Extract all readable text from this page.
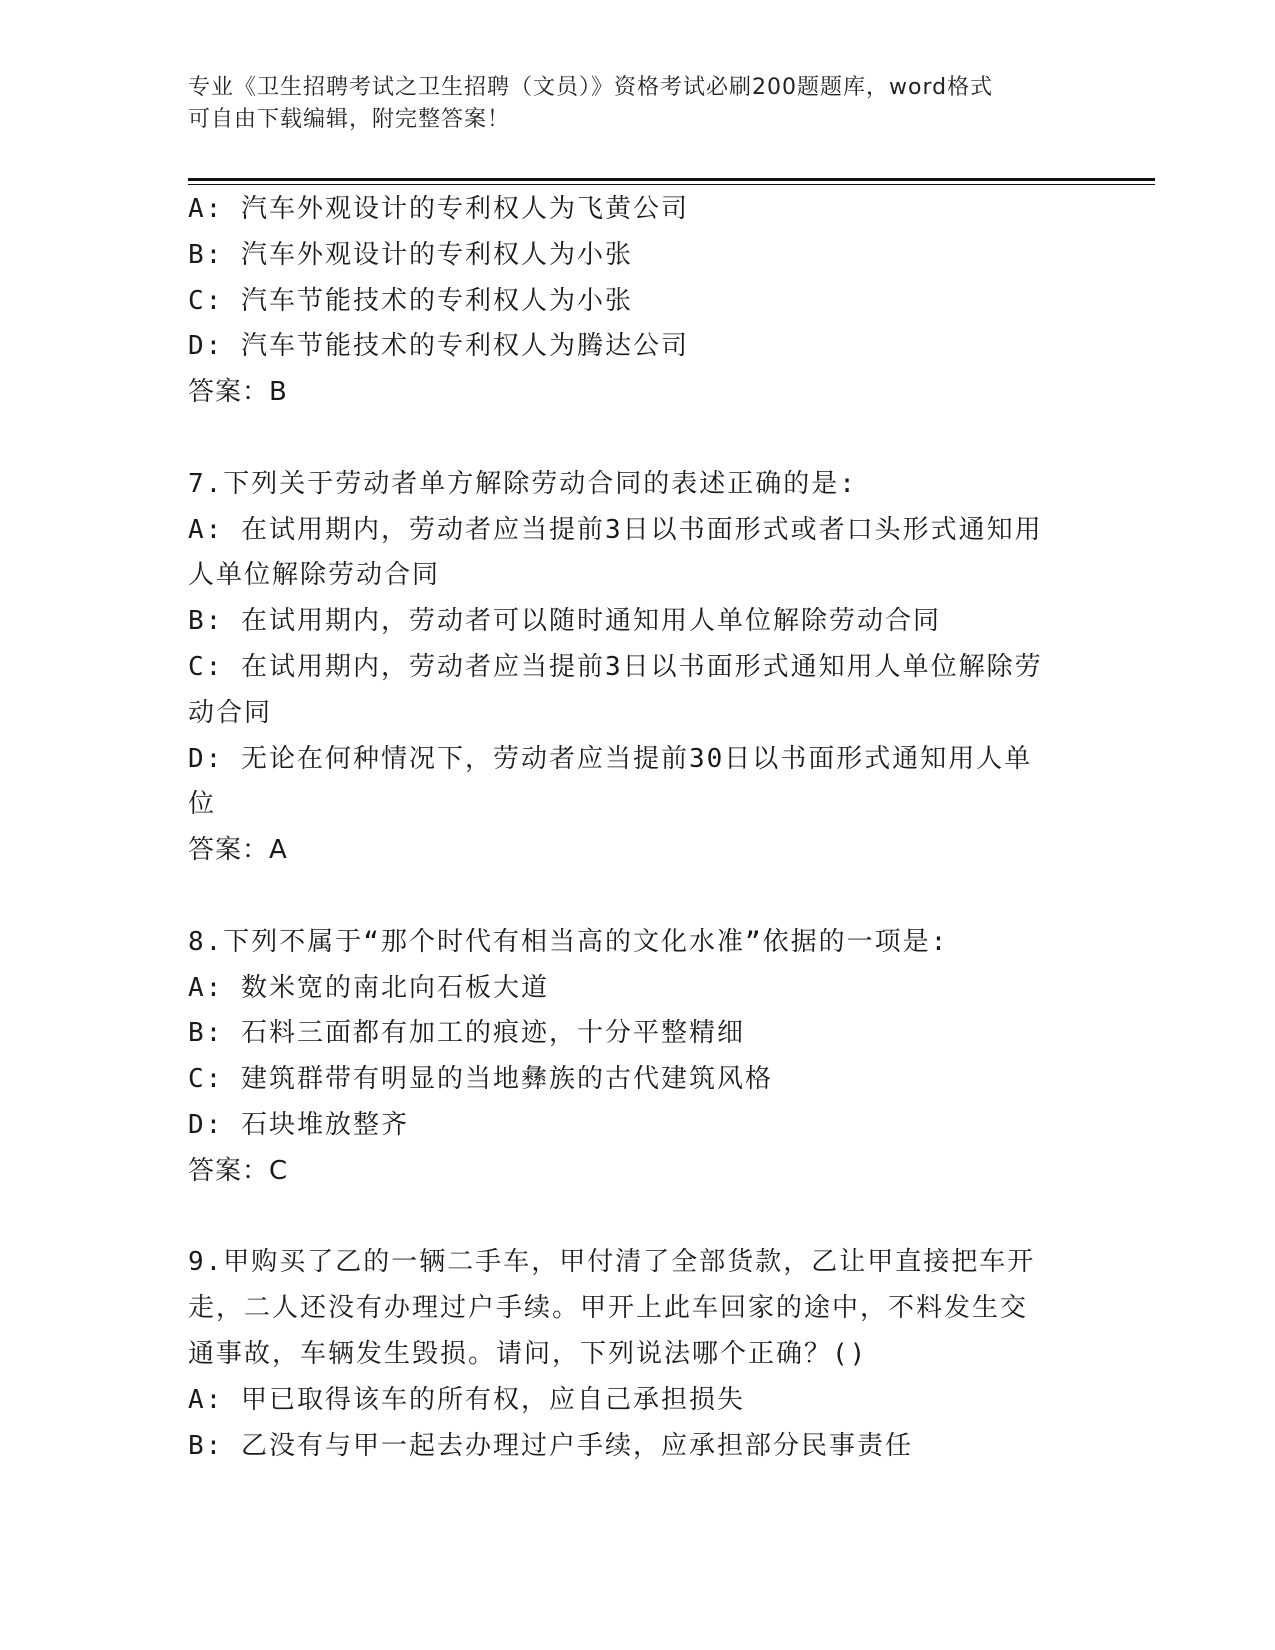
专业《卫生招聘考试之卫生招聘（文员）》资格考试必刷200题题库，word格式
可自由下载编辑，附完整答案！
A: 汽车外观设计的专利权人为飞黄公司
B: 汽车外观设计的专利权人为小张
C: 汽车节能技术的专利权人为小张
D: 汽车节能技术的专利权人为腾达公司
答案：B
7.下列关于劳动者单方解除劳动合同的表述正确的是:
A: 在试用期内，劳动者应当提前3日以书面形式或者口头形式通知用
人单位解除劳动合同
B: 在试用期内，劳动者可以随时通知用人单位解除劳动合同
C: 在试用期内，劳动者应当提前3日以书面形式通知用人单位解除劳
动合同
D: 无论在何种情况下，劳动者应当提前30日以书面形式通知用人单
位
答案：A
8.下列不属于“那个时代有相当高的文化水准”依据的一项是:
A: 数米宽的南北向石板大道
B: 石料三面都有加工的痕迹，十分平整精细
C: 建筑群带有明显的当地彝族的古代建筑风格
D: 石块堆放整齐
答案：C
9.甲购买了乙的一辆二手车，甲付清了全部货款，乙让甲直接把车开
走，二人还没有办理过户手续。甲开上此车回家的途中，不料发生交
通事故，车辆发生毁损。请问，下列说法哪个正确？()
A: 甲已取得该车的所有权，应自己承担损失
B: 乙没有与甲一起去办理过户手续，应承担部分民事责任
